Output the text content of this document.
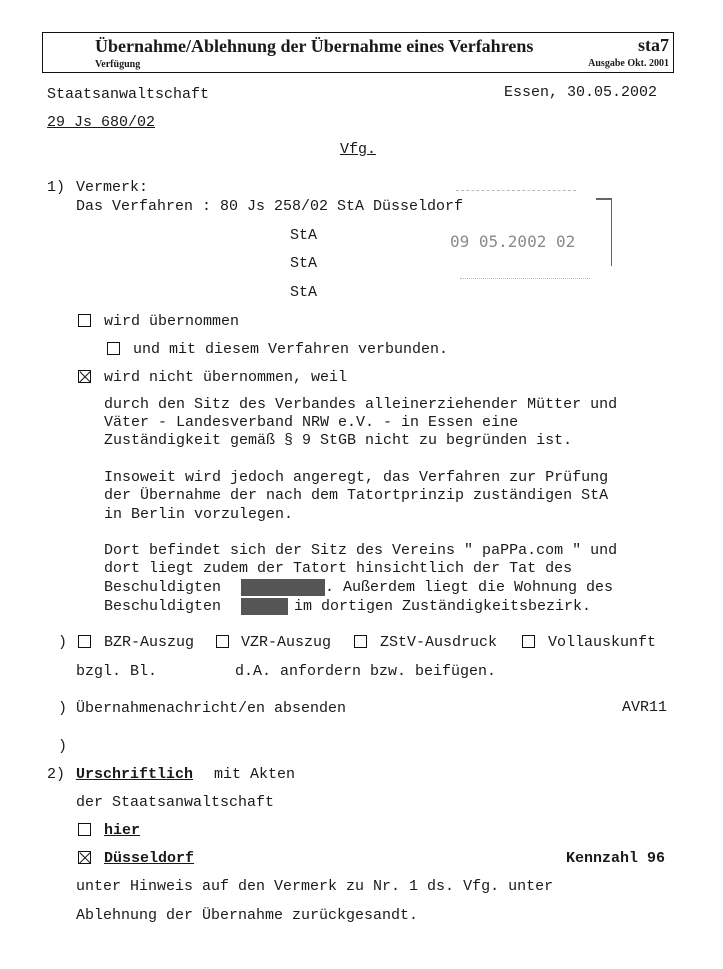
Übernahme/Ablehnung der Übernahme eines Verfahrens	sta7
Verfügung	Ausgabe Okt. 2001
Staatsanwaltschaft	Essen, 30.05.2002
29 Js 680/02
Vfg.
1) Vermerk:
Das Verfahren : 80 Js 258/02 StA Düsseldorf
StA
StA
StA
09 05.2002 02
wird übernommen
und mit diesem Verfahren verbunden.
wird nicht übernommen, weil
durch den Sitz des Verbandes alleinerziehender Mütter und
Väter - Landesverband NRW e.V. - in Essen eine
Zuständigkeit gemäß § 9 StGB nicht zu begründen ist.
Insoweit wird jedoch angeregt, das Verfahren zur Prüfung
der Übernahme der nach dem Tatortprinzip zuständigen StA
in Berlin vorzulegen.
Dort befindet sich der Sitz des Vereins " paPPa.com " und
dort liegt zudem der Tatort hinsichtlich der Tat des
Beschuldigten	. Außerdem liegt die Wohnung des
Beschuldigten	im dortigen Zuständigkeitsbezirk.
) BZR-Auszug	VZR-Auszug	ZStV-Ausdruck	Vollauskunft
bzgl. Bl.	d.A. anfordern bzw. beifügen.
) Übernahmenachricht/en absenden	AVR11
)
2) Urschriftlich mit Akten
der Staatsanwaltschaft
hier
Düsseldorf	Kennzahl 96
unter Hinweis auf den Vermerk zu Nr. 1 ds. Vfg. unter
Ablehnung der Übernahme zurückgesandt.
